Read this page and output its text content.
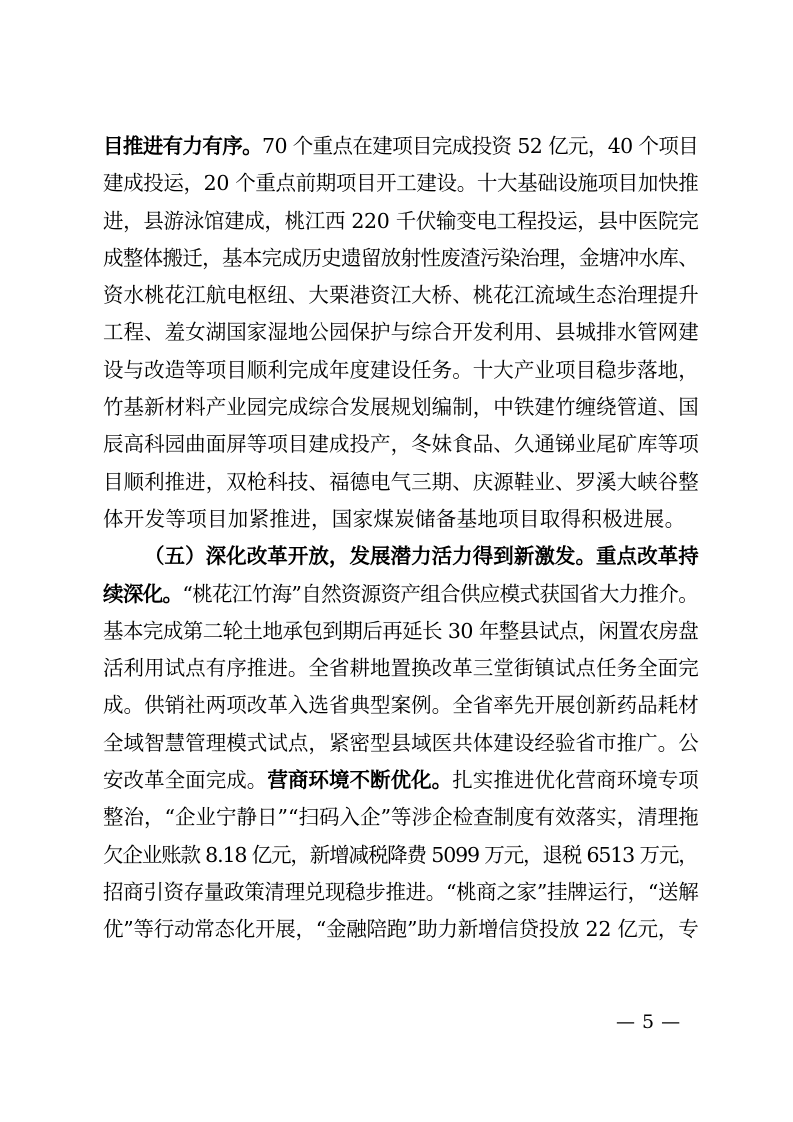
目推进有力有序。70 个重点在建项目完成投资 52 亿元，40 个项目
建成投运，20 个重点前期项目开工建设。十大基础设施项目加快推
进，县游泳馆建成，桃江西 220 千伏输变电工程投运，县中医院完
成整体搬迁，基本完成历史遗留放射性废渣污染治理，金塘冲水库、
资水桃花江航电枢纽、大栗港资江大桥、桃花江流域生态治理提升
工程、羞女湖国家湿地公园保护与综合开发利用、县城排水管网建
设与改造等项目顺利完成年度建设任务。十大产业项目稳步落地，
竹基新材料产业园完成综合发展规划编制，中铁建竹缠绕管道、国
辰高科园曲面屏等项目建成投产，冬妹食品、久通锑业尾矿库等项
目顺利推进，双枪科技、福德电气三期、庆源鞋业、罗溪大峡谷整
体开发等项目加紧推进，国家煤炭储备基地项目取得积极进展。
（五）深化改革开放，发展潜力活力得到新激发。重点改革持
续深化。“桃花江竹海”自然资源资产组合供应模式获国省大力推介。
基本完成第二轮土地承包到期后再延长 30 年整县试点，闲置农房盘
活利用试点有序推进。全省耕地置换改革三堂街镇试点任务全面完
成。供销社两项改革入选省典型案例。全省率先开展创新药品耗材
全域智慧管理模式试点，紧密型县域医共体建设经验省市推广。公
安改革全面完成。营商环境不断优化。扎实推进优化营商环境专项
整治，“企业宁静日”“扫码入企”等涉企检查制度有效落实，清理拖
欠企业账款 8.18 亿元，新增减税降费 5099 万元，退税 6513 万元，
招商引资存量政策清理兑现稳步推进。“桃商之家”挂牌运行，“送解
优”等行动常态化开展，“金融陪跑”助力新增信贷投放 22 亿元，专
— 5 —
